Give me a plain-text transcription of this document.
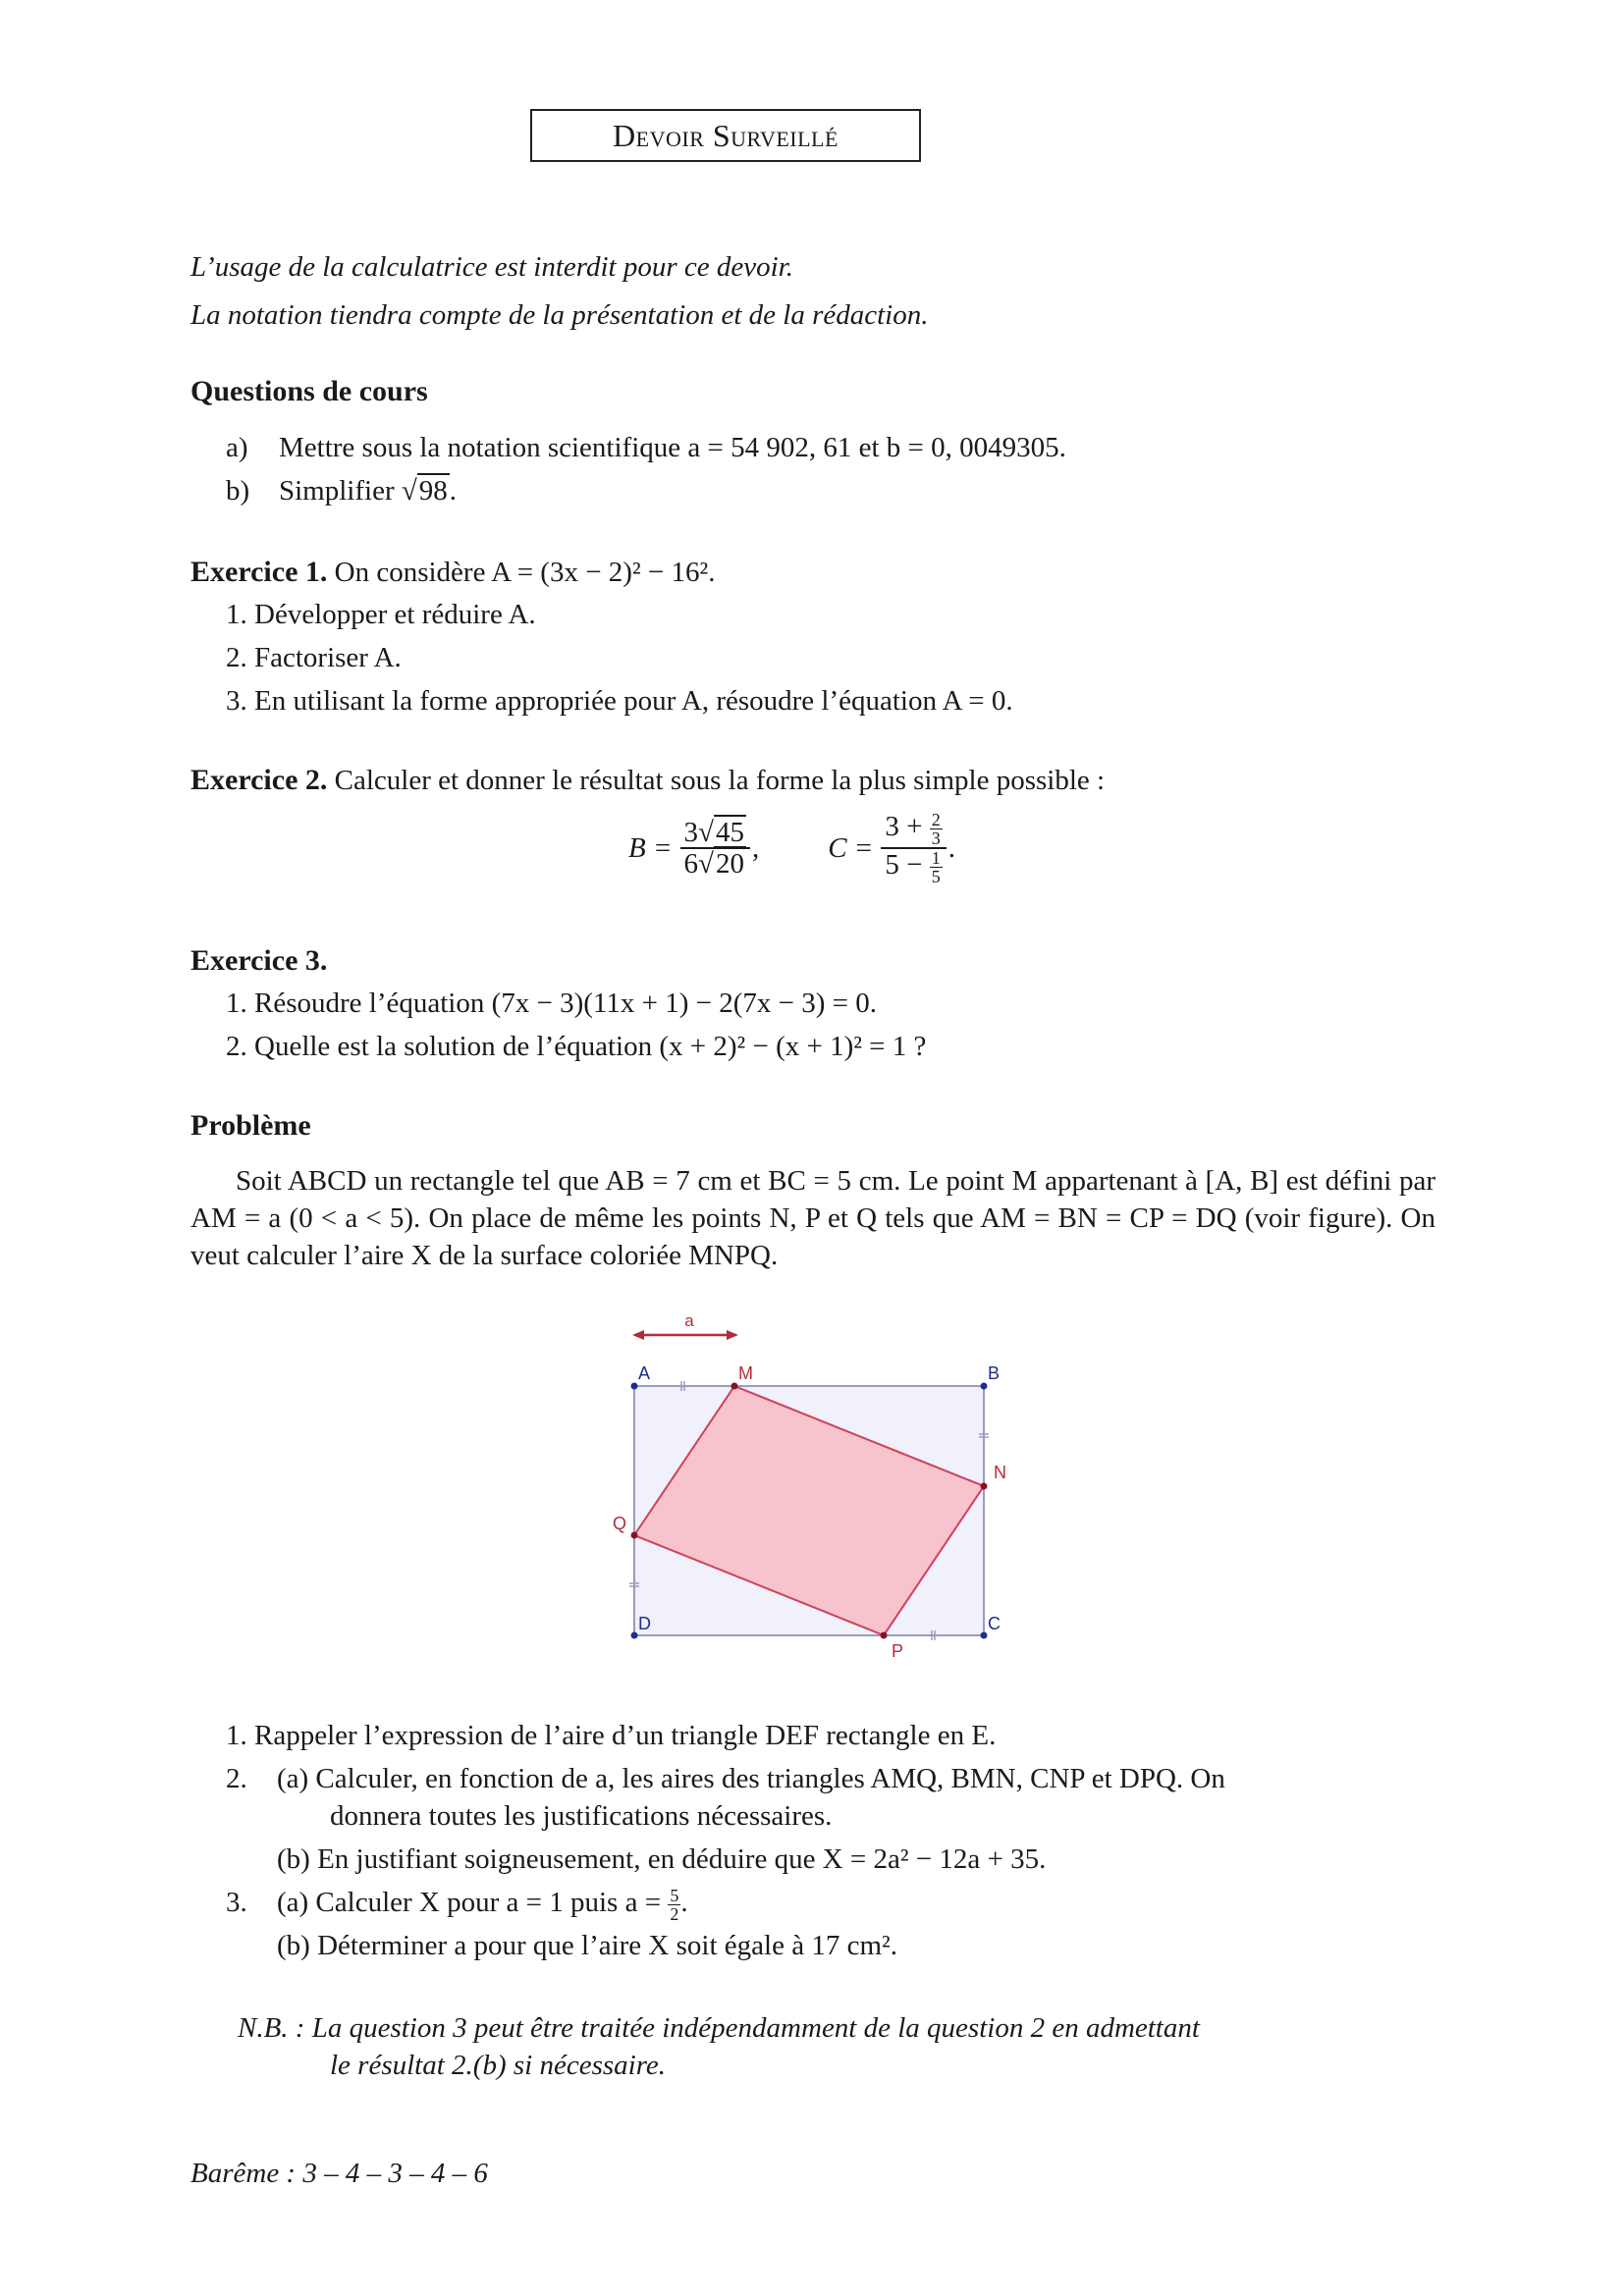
Devoir Surveillé
L’usage de la calculatrice est interdit pour ce devoir.
La notation tiendra compte de la présentation et de la rédaction.
Questions de cours
a) Mettre sous la notation scientifique a = 54 902, 61 et b = 0, 0049305.
b) Simplifier √98.
Exercice 1. On considère A = (3x − 2)² − 16².
1. Développer et réduire A.
2. Factoriser A.
3. En utilisant la forme appropriée pour A, résoudre l’équation A = 0.
Exercice 2. Calculer et donner le résultat sous la forme la plus simple possible :
$B = \frac{3√45}{6√20}$ , $C = \frac{3 + \frac{2}{3}}{5 - \frac{1}{5}}$ .
Exercice 3.
1. Résoudre l’équation (7x − 3)(11x + 1) − 2(7x − 3) = 0.
2. Quelle est la solution de l’équation (x + 2)² − (x + 1)² = 1 ?
Problème
Soit ABCD un rectangle tel que AB = 7 cm et BC = 5 cm. Le point M appartenant à [A, B] est défini par AM = a (0 < a < 5). On place de même les points N, P et Q tels que AM = BN = CP = DQ (voir figure). On veut calculer l’aire X de la surface coloriée MNPQ.
a
A	B
C
D
M
N
P
Q
1. Rappeler l’expression de l’aire d’un triangle DEF rectangle en E.
2. (a) Calculer, en fonction de a, les aires des triangles AMQ, BMN, CNP et DPQ. On
donnera toutes les justifications nécessaires.
(b) En justifiant soigneusement, en déduire que X = 2a² − 12a + 35.
3. (a) Calculer X pour a = 1 puis $a = \frac{5}{2}$ .
(b) Déterminer a pour que l’aire X soit égale à 17 cm².
N.B. : La question 3 peut être traitée indépendamment de la question 2 en admettant
le résultat 2.(b) si nécessaire.
Barême : 3 – 4 – 3 – 4 – 6
